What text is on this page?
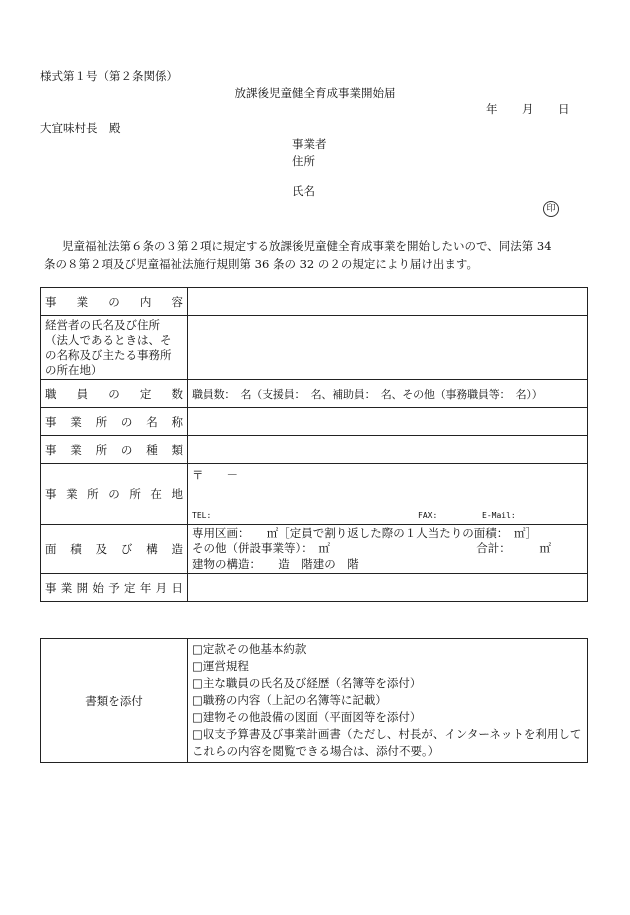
様式第１号（第２条関係）
放課後児童健全育成事業開始届
年 月 日
大宜味村長　殿
事業者
住所
氏名
印

児童福祉法第６条の３第２項に規定する放課後児童健全育成事業を開始したいので、同法第 34

条の８第２項及び児童福祉法施行規則第 36 条の 32 の２の規定により届け出ます。

事業の内容	

経営者の氏名及び住所
（法人であるときは、そ
の名称及び主たる事務所
の所在地）	

職員の定数	職員数：　名（支援員：　名、補助員：　名、その他（事務職員等：　名））

事業所の名称	

事業所の種類	

事業所の所在地	〒　　－
TEL: FAX: E-Mail:

面積及び構造	専用区画：　　㎡［定員で割り返した際の１人当たりの面積：　㎡］
その他（併設事業等）：　㎡ 合計：　　　㎡
建物の構造：　　造　階建の　階

事業開始予定年月日	

書類を添付	
□定款その他基本約款
□運営規程
□主な職員の氏名及び経歴（名簿等を添付）
□職務の内容（上記の名簿等に記載）
□建物その他設備の図面（平面図等を添付）
□収支予算書及び事業計画書（ただし、村長が、インターネットを利用してこれらの内容を閲覧できる場合は、添付不要。）
